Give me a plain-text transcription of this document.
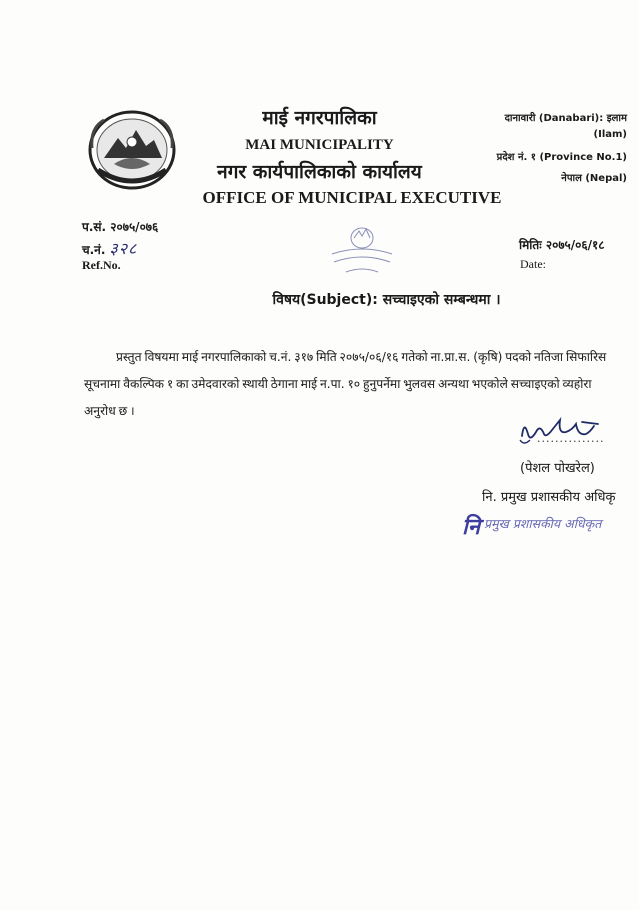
माई नगरपालिका
MAI MUNICIPALITY
नगर कार्यपालिकाको कार्यालय
OFFICE OF MUNICIPAL EXECUTIVE
दानावारी (Danabari): इलाम
(Ilam)
प्रदेश नं. १ (Province No.1)
नेपाल (Nepal)
प.सं. २०७५/०७६
च.नं. ३२८
Ref.No.
मितिः २०७५/०६/१८
Date:
विषय(Subject): सच्चाइएको सम्बन्धमा ।
प्रस्तुत विषयमा माई नगरपालिकाको च.नं. ३१७ मिति २०७५/०६/१६ गतेको ना.प्रा.स. (कृषि) पदको नतिजा सिफारिस सूचनामा वैकल्पिक १ का उमेदवारको स्थायी ठेगाना माई न.पा. १० हुनुपर्नेमा भुलवस अन्यथा भएकोले सच्चाइएको व्यहोरा अनुरोध छ ।
...............
(पेशल पोखरेल)
नि. प्रमुख प्रशासकीय अधिकृ
नि प्रमुख प्रशासकीय अधिकृत
